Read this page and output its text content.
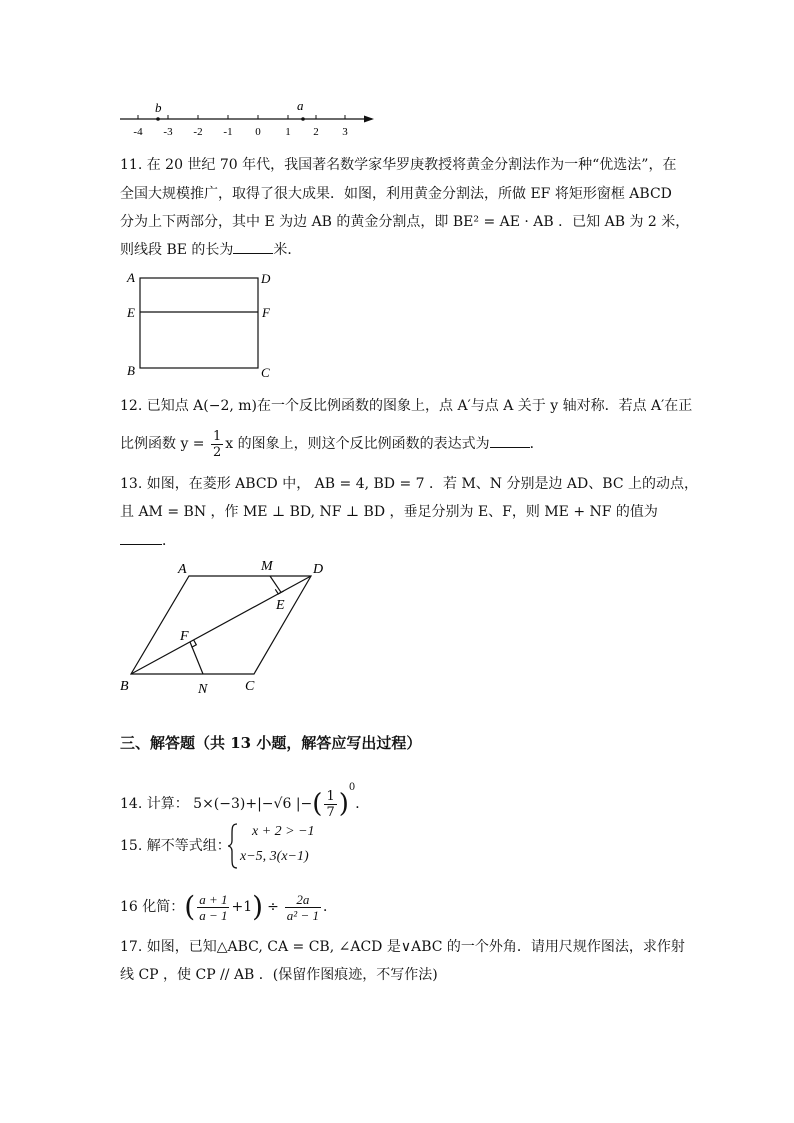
b	a
-4 -3 -2 -1 0 1 2 3
11. 在 20 世纪 70 年代，我国著名数学家华罗庚教授将黄金分割法作为一种“优选法”，在
全国大规模推广，取得了很大成果．如图，利用黄金分割法，所做 EF 将矩形窗框 ABCD
分为上下两部分，其中 E 为边 AB 的黄金分割点，即 BE² = AE · AB ．已知 AB 为 2 米，
则线段 BE 的长为	米．
A	D
E	F
B	C
12. 已知点 A(−2, m)在一个反比例函数的图象上，点 A′与点 A 关于 y 轴对称．若点 A′在正
比例函数 $y = \frac{1}{2}$ x 的图象上，则这个反比例函数的表达式为	．
13. 如图，在菱形 ABCD 中， AB = 4, BD = 7 ．若 M、N 分别是边 AD、BC 上的动点，
且 AM = BN ，作 ME ⊥ BD, NF ⊥ BD ，垂足分别为 E、F，则 ME + NF 的值为
．
A	M	D
E
F
B	N	C
三、解答题（共 13 小题，解答应写出过程）
14. 计算： 5×(−3)+|−√6 |−( $\frac{1}{7} )^0$．
15. 解不等式组：
x + 2 > −1
x−5, 3(x−1)
16 化简：( $\frac{a + 1}{a - 1} +1) \div \frac{2a}{\text{a² − 1}}$ ．
17. 如图，已知△ABC, CA = CB, ∠ACD 是∨ABC 的一个外角．请用尺规作图法，求作射
线 CP ，使 CP // AB ．(保留作图痕迹，不写作法)
